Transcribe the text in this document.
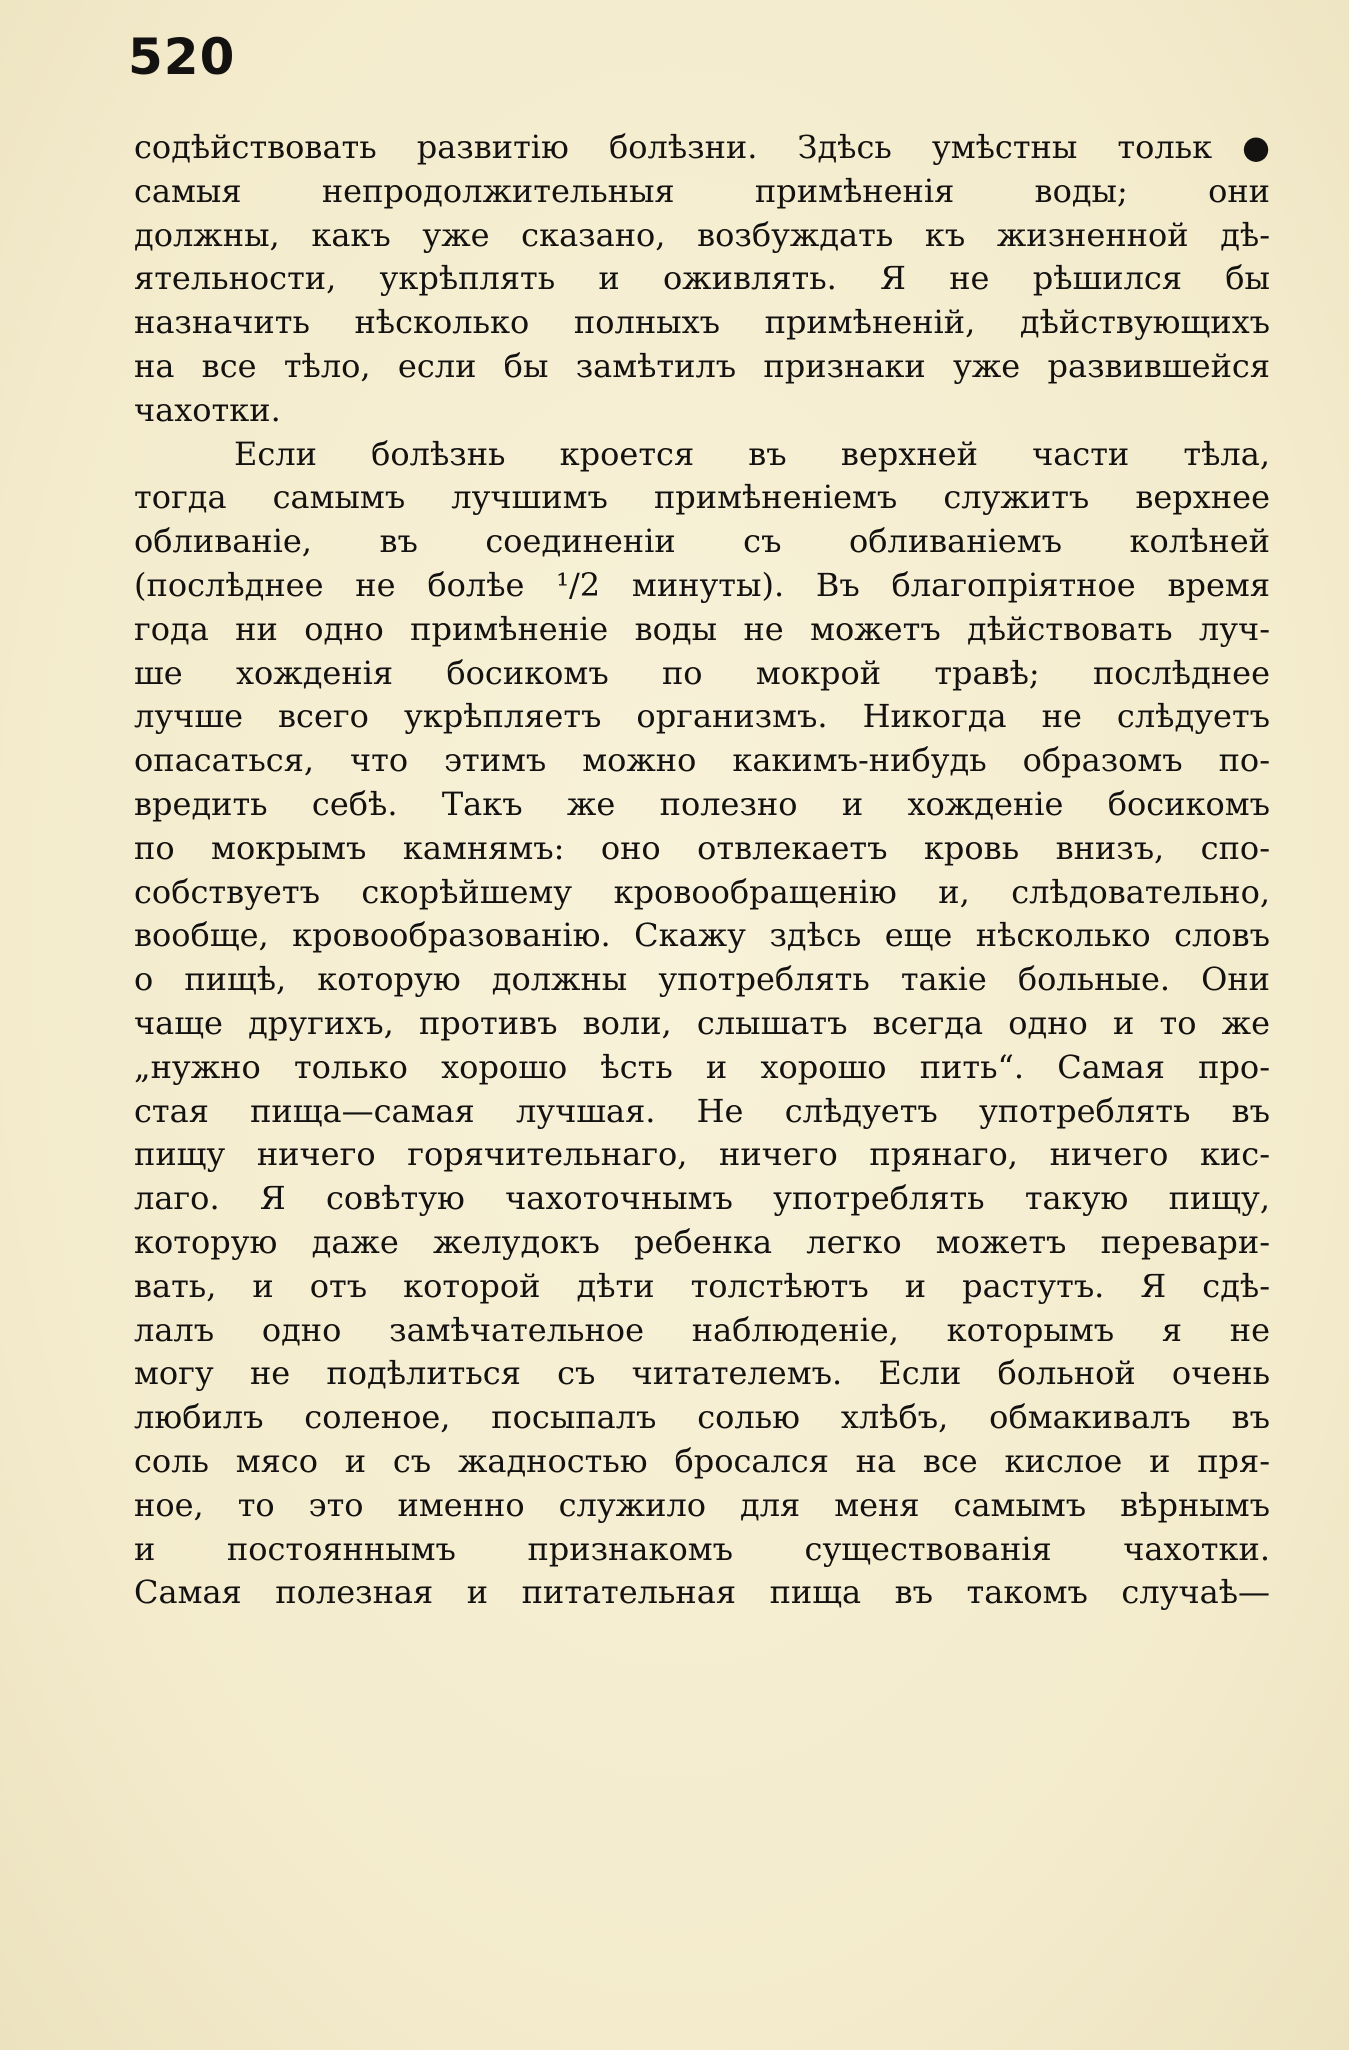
520

содѣйствовать развитію болѣзни. Здѣсь умѣстны тольк●
самыя непродолжительныя примѣненія воды; они
должны, какъ уже сказано, возбуждать къ жизненной дѣ-
ятельности, укрѣплять и оживлять. Я не рѣшился бы
назначить нѣсколько полныхъ примѣненій, дѣйствующихъ
на все тѣло, если бы замѣтилъ признаки уже развившейся
чахотки.
Если болѣзнь кроется въ верхней части тѣла,
тогда самымъ лучшимъ примѣненіемъ служитъ верхнее
обливаніе, въ соединеніи съ обливаніемъ колѣней
(послѣднее не болѣе ¹/2 минуты). Въ благопріятное время
года ни одно примѣненіе воды не можетъ дѣйствовать луч-
ше хожденія босикомъ по мокрой травѣ; послѣднее
лучше всего укрѣпляетъ организмъ. Никогда не слѣдуетъ
опасаться, что этимъ можно какимъ-нибудь образомъ по-
вредить себѣ. Такъ же полезно и хожденіе босикомъ
по мокрымъ камнямъ: оно отвлекаетъ кровь внизъ, спо-
собствуетъ скорѣйшему кровообращенію и, слѣдовательно,
вообще, кровообразованію. Скажу здѣсь еще нѣсколько словъ
о пищѣ, которую должны употреблять такіе больные. Они
чаще другихъ, противъ воли, слышатъ всегда одно и то же
„нужно только хорошо ѣсть и хорошо пить“. Самая про-
стая пища—самая лучшая. Не слѣдуетъ употреблять въ
пищу ничего горячительнаго, ничего прянаго, ничего кис-
лаго. Я совѣтую чахоточнымъ употреблять такую пищу,
которую даже желудокъ ребенка легко можетъ перевари-
вать, и отъ которой дѣти толстѣютъ и растутъ. Я сдѣ-
лалъ одно замѣчательное наблюденіе, которымъ я не
могу не подѣлиться съ читателемъ. Если больной очень
любилъ соленое, посыпалъ солью хлѣбъ, обмакивалъ въ
соль мясо и съ жадностью бросался на все кислое и пря-
ное, то это именно служило для меня самымъ вѣрнымъ
и постояннымъ признакомъ существованія чахотки.
Самая полезная и питательная пища въ такомъ случаѣ—
